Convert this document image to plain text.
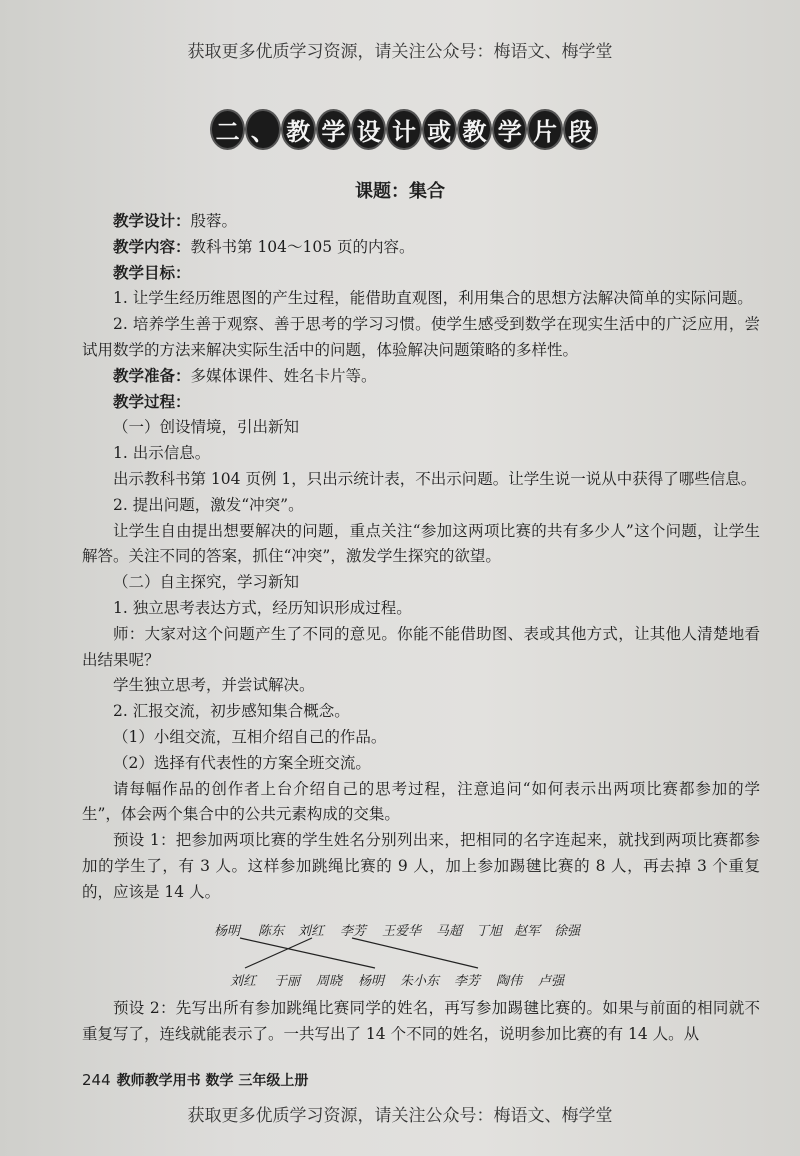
获取更多优质学习资源，请关注公众号：梅语文、梅学堂
二 、 教 学 设 计 或 教 学 片 段
课题：集合

教学设计：殷蓉。

教学内容：教科书第 104～105 页的内容。

教学目标：

1. 让学生经历维恩图的产生过程，能借助直观图，利用集合的思想方法解决简单的实际问题。

2. 培养学生善于观察、善于思考的学习习惯。使学生感受到数学在现实生活中的广泛应用，尝试用数学的方法来解决实际生活中的问题，体验解决问题策略的多样性。

教学准备：多媒体课件、姓名卡片等。

教学过程：

（一）创设情境，引出新知

1. 出示信息。

出示教科书第 104 页例 1，只出示统计表，不出示问题。让学生说一说从中获得了哪些信息。

2. 提出问题，激发“冲突”。

让学生自由提出想要解决的问题，重点关注“参加这两项比赛的共有多少人”这个问题，让学生解答。关注不同的答案，抓住“冲突”，激发学生探究的欲望。

（二）自主探究，学习新知

1. 独立思考表达方式，经历知识形成过程。

师：大家对这个问题产生了不同的意见。你能不能借助图、表或其他方式，让其他人清楚地看出结果呢？

学生独立思考，并尝试解决。

2. 汇报交流，初步感知集合概念。

（1）小组交流，互相介绍自己的作品。

（2）选择有代表性的方案全班交流。

请每幅作品的创作者上台介绍自己的思考过程，注意追问“如何表示出两项比赛都参加的学生”，体会两个集合中的公共元素构成的交集。

预设 1：把参加两项比赛的学生姓名分别列出来，把相同的名字连起来，就找到两项比赛都参加的学生了，有 3 人。这样参加跳绳比赛的 9 人，加上参加踢毽比赛的 8 人，再去掉 3 个重复的，应该是 14 人。

杨明 陈东 刘红 李芳 王爱华 马超 丁旭 赵军 徐强
刘红 于丽 周晓 杨明 朱小东 李芳 陶伟 卢强

预设 2：先写出所有参加跳绳比赛同学的姓名，再写参加踢毽比赛的。如果与前面的相同就不重复写了，连线就能表示了。一共写出了 14 个不同的姓名，说明参加比赛的有 14 人。从

244 教师教学用书 数学 三年级上册
获取更多优质学习资源，请关注公众号：梅语文、梅学堂
